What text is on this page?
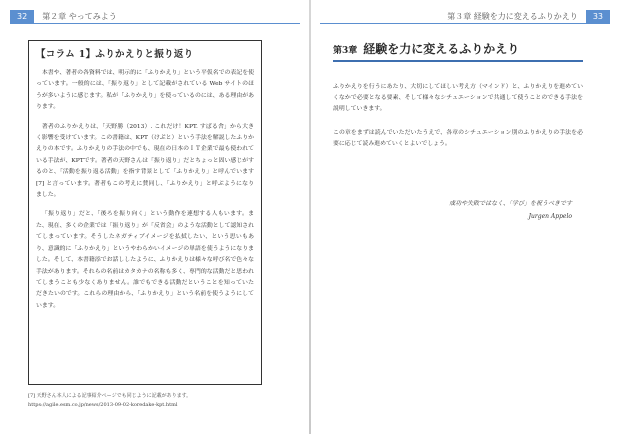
32 第２章 やってみよう
【コラム 1】ふりかえりと振り返り

本書や、著者の各資料では、明示的に「ふりかえり」という平仮名での表記を使っています。一般的には、「振り返り」として記載がされている Web サイトのほうが多いように感じます。私が「ふりかえり」を使っているのには、ある理由があります。

著者のふりかえりは、「天野勝（2013）. これだけ！KPT. すばる舎」から大きく影響を受けています。この書籍は、KPT（けぷと）という手法を解説したふりかえりの本です。ふりかえりの手法の中でも、現在の日本のＩＴ企業で最も使われている手法が、KPTです。著者の天野さんは「振り返り」だとちょっと固い感じがするのと、「活動を振り返る活動」を指す背景として「ふりかえり」と呼んでいます [7] と言っています。著者もこの考えに賛同し、「ふりかえり」と呼ぶようになりました。

「振り返り」だと、「後ろを振り向く」という動作を連想する人もいます。また、現在、多くの企業では「振り返り」が「反省会」のような活動として認知されてしまっています。そうしたネガティブイメージを払拭したい、という思いもあり、意識的に「ふりかえり」というやわらかいイメージの単語を使うようになりました。そして、本書籍添でお話ししたように、ふりかえりは様々な呼び名で色々な手法があります。それらの名前はカタカナの名称も多く、専門的な活動だと思われてしまうことも少なくありません。誰でもできる活動だということを知っていただきたいのです。これらの理由から、「ふりかえり」という名前を使うようにしています。

[7] 天野さん本人による記事紹介ページでも同じように記載があります。
https://agile.esm.co.jp/news/2013-09-02-koredake-kpt.html
第３章 経験を力に変えるふりかえり 33
第3章 経験を力に変えるふりかえり

ふりかえりを行うにあたり、大切にしてほしい考え方（マインド）と、ふりかえりを進めていくなかで必要となる要素、そして様々なシチュエーションで共通して使うことのできる手法を説明していきます。

この章をまずは読んでいただいたうえで、各章のシチュエーション別のふりかえりの手法を必要に応じて読み進めていくとよいでしょう。

成功や失敗ではなく、「学び」を祝うべきです
Jurgen Appelo
